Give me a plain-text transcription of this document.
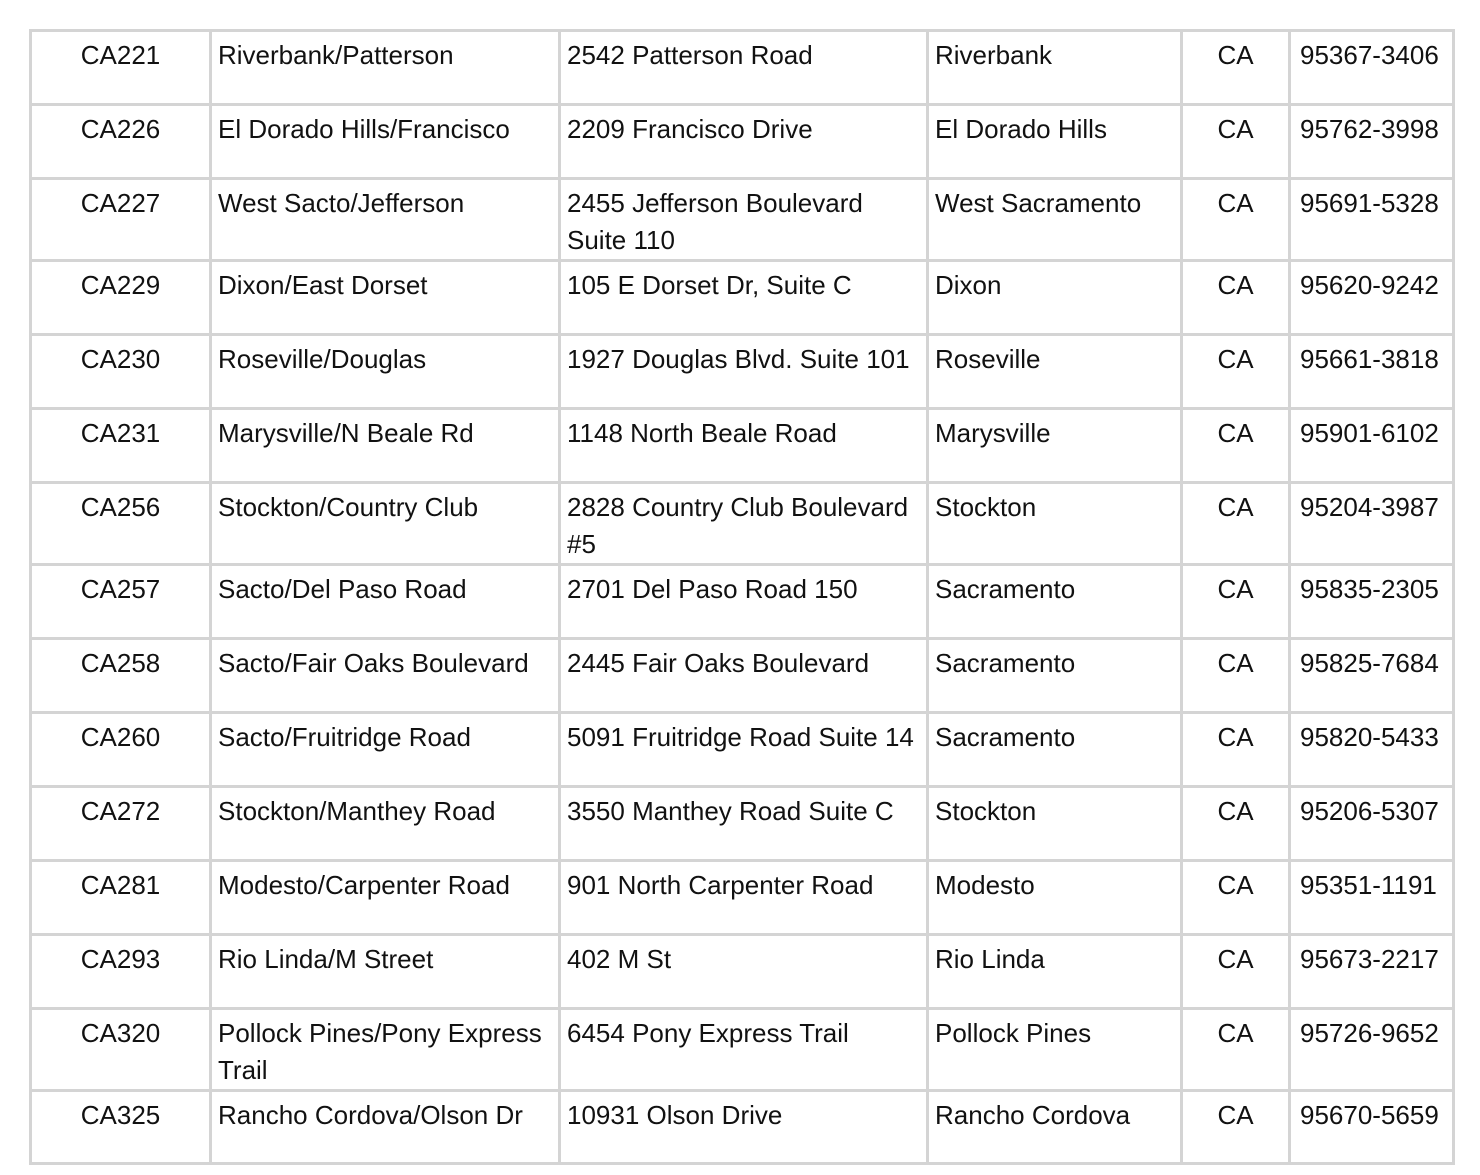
CA221	Riverbank/Patterson	2542 Patterson Road	Riverbank	CA	95367-3406
CA226	El Dorado Hills/Francisco	2209 Francisco Drive	El Dorado Hills	CA	95762-3998
CA227	West Sacto/Jefferson	2455 Jefferson Boulevard Suite 110	West Sacramento	CA	95691-5328
CA229	Dixon/East Dorset	105 E Dorset Dr, Suite C	Dixon	CA	95620-9242
CA230	Roseville/Douglas	1927 Douglas Blvd. Suite 101	Roseville	CA	95661-3818
CA231	Marysville/N Beale Rd	1148 North Beale Road	Marysville	CA	95901-6102
CA256	Stockton/Country Club	2828 Country Club Boulevard #5	Stockton	CA	95204-3987
CA257	Sacto/Del Paso Road	2701 Del Paso Road 150	Sacramento	CA	95835-2305
CA258	Sacto/Fair Oaks Boulevard	2445 Fair Oaks Boulevard	Sacramento	CA	95825-7684
CA260	Sacto/Fruitridge Road	5091 Fruitridge Road Suite 14	Sacramento	CA	95820-5433
CA272	Stockton/Manthey Road	3550 Manthey Road Suite C	Stockton	CA	95206-5307
CA281	Modesto/Carpenter Road	901 North Carpenter Road	Modesto	CA	95351-1191
CA293	Rio Linda/M Street	402 M St	Rio Linda	CA	95673-2217
CA320	Pollock Pines/Pony Express Trail	6454 Pony Express Trail	Pollock Pines	CA	95726-9652
CA325	Rancho Cordova/Olson Dr	10931 Olson Drive	Rancho Cordova	CA	95670-5659
